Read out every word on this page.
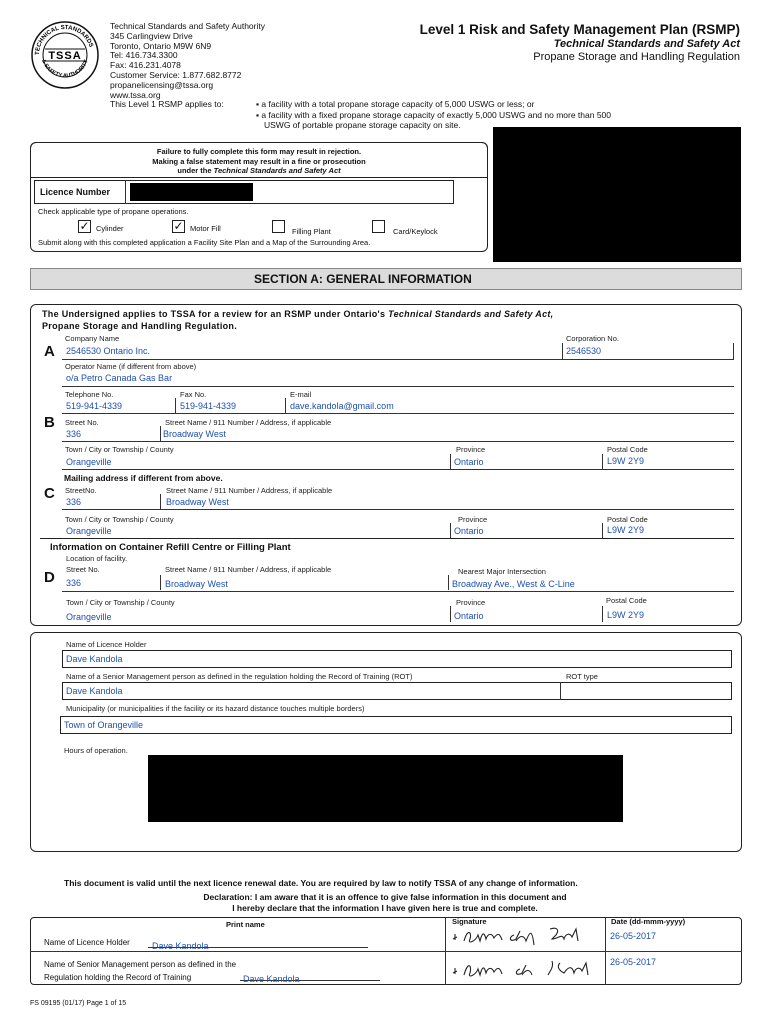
TECHNICAL STANDARDS
& SAFETY AUTHORITY
TSSA
Technical Standards and Safety Authority
345 Carlingview Drive
Toronto, Ontario M9W 6N9
Tel: 416.734.3300
Fax: 416.231.4078
Customer Service: 1.877.682.8772
propanelicensing@tssa.org
www.tssa.org
Level 1 Risk and Safety Management Plan (RSMP)
Technical Standards and Safety Act
Propane Storage and Handling Regulation
This Level 1 RSMP applies to:	▪ a facility with a total propane storage capacity of 5,000 USWG or less; or
▪ a facility with a fixed propane storage capacity of exactly 5,000 USWG and no more than 500
USWG of portable propane storage capacity on site.
Failure to fully complete this form may result in rejection.
Making a false statement may result in a fine or prosecution
under the Technical Standards and Safety Act
Licence Number
Check applicable type of propane operations.
✓ Cylinder	✓ Motor Fill	Filling Plant	Card/Keylock
Submit along with this completed application a Facility Site Plan and a Map of the Surrounding Area.
SECTION A: GENERAL INFORMATION
The Undersigned applies to TSSA for a review for an RSMP under Ontario's Technical Standards and Safety Act,
Propane Storage and Handling Regulation.
A
Company Name
2546530 Ontario Inc.
Corporation No.
2546530
Operator Name (if different from above)
o/a Petro Canada Gas Bar
Telephone No.
519-941-4339
Fax No.
519-941-4339
E-mail
dave.kandola@gmail.com
B Street No.
336
Street Name / 911 Number / Address, if applicable
Broadway West
Town / City or Township / County
Orangeville
Province
Ontario
Postal Code
L9W 2Y9
Mailing address if different from above.
C StreetNo.
336
Street Name / 911 Number / Address, if applicable
Broadway West
Town / City or Township / County
Orangeville
Province
Ontario
Postal Code
L9W 2Y9
Information on Container Refill Centre or Filling Plant
Location of facility.
D Street No.
336
Street Name / 911 Number / Address, if applicable
Broadway West
Nearest Major Intersection
Broadway Ave., West & C-Line
Town / City or Township / County
Orangeville
Province
Ontario
Postal Code
L9W 2Y9
Name of Licence Holder
Dave Kandola
Name of a Senior Management person as defined in the regulation holding the Record of Training (ROT)	ROT type
Dave Kandola
Municipality (or municipalities if the facility or its hazard distance touches multiple borders)
Town of Orangeville
Hours of operation.
This document is valid until the next licence renewal date. You are required by law to notify TSSA of any change of information.
Declaration: I am aware that it is an offence to give false information in this document and
I hereby declare that the information I have given here is true and complete.
Print name	Signature	Date (dd-mmm-yyyy)
Name of Licence Holder	Dave Kandola
26-05-2017
Name of Senior Management person as defined in the
Regulation holding the Record of Training	Dave Kandola
26-05-2017
FS 09195 (01/17) Page 1 of 15
